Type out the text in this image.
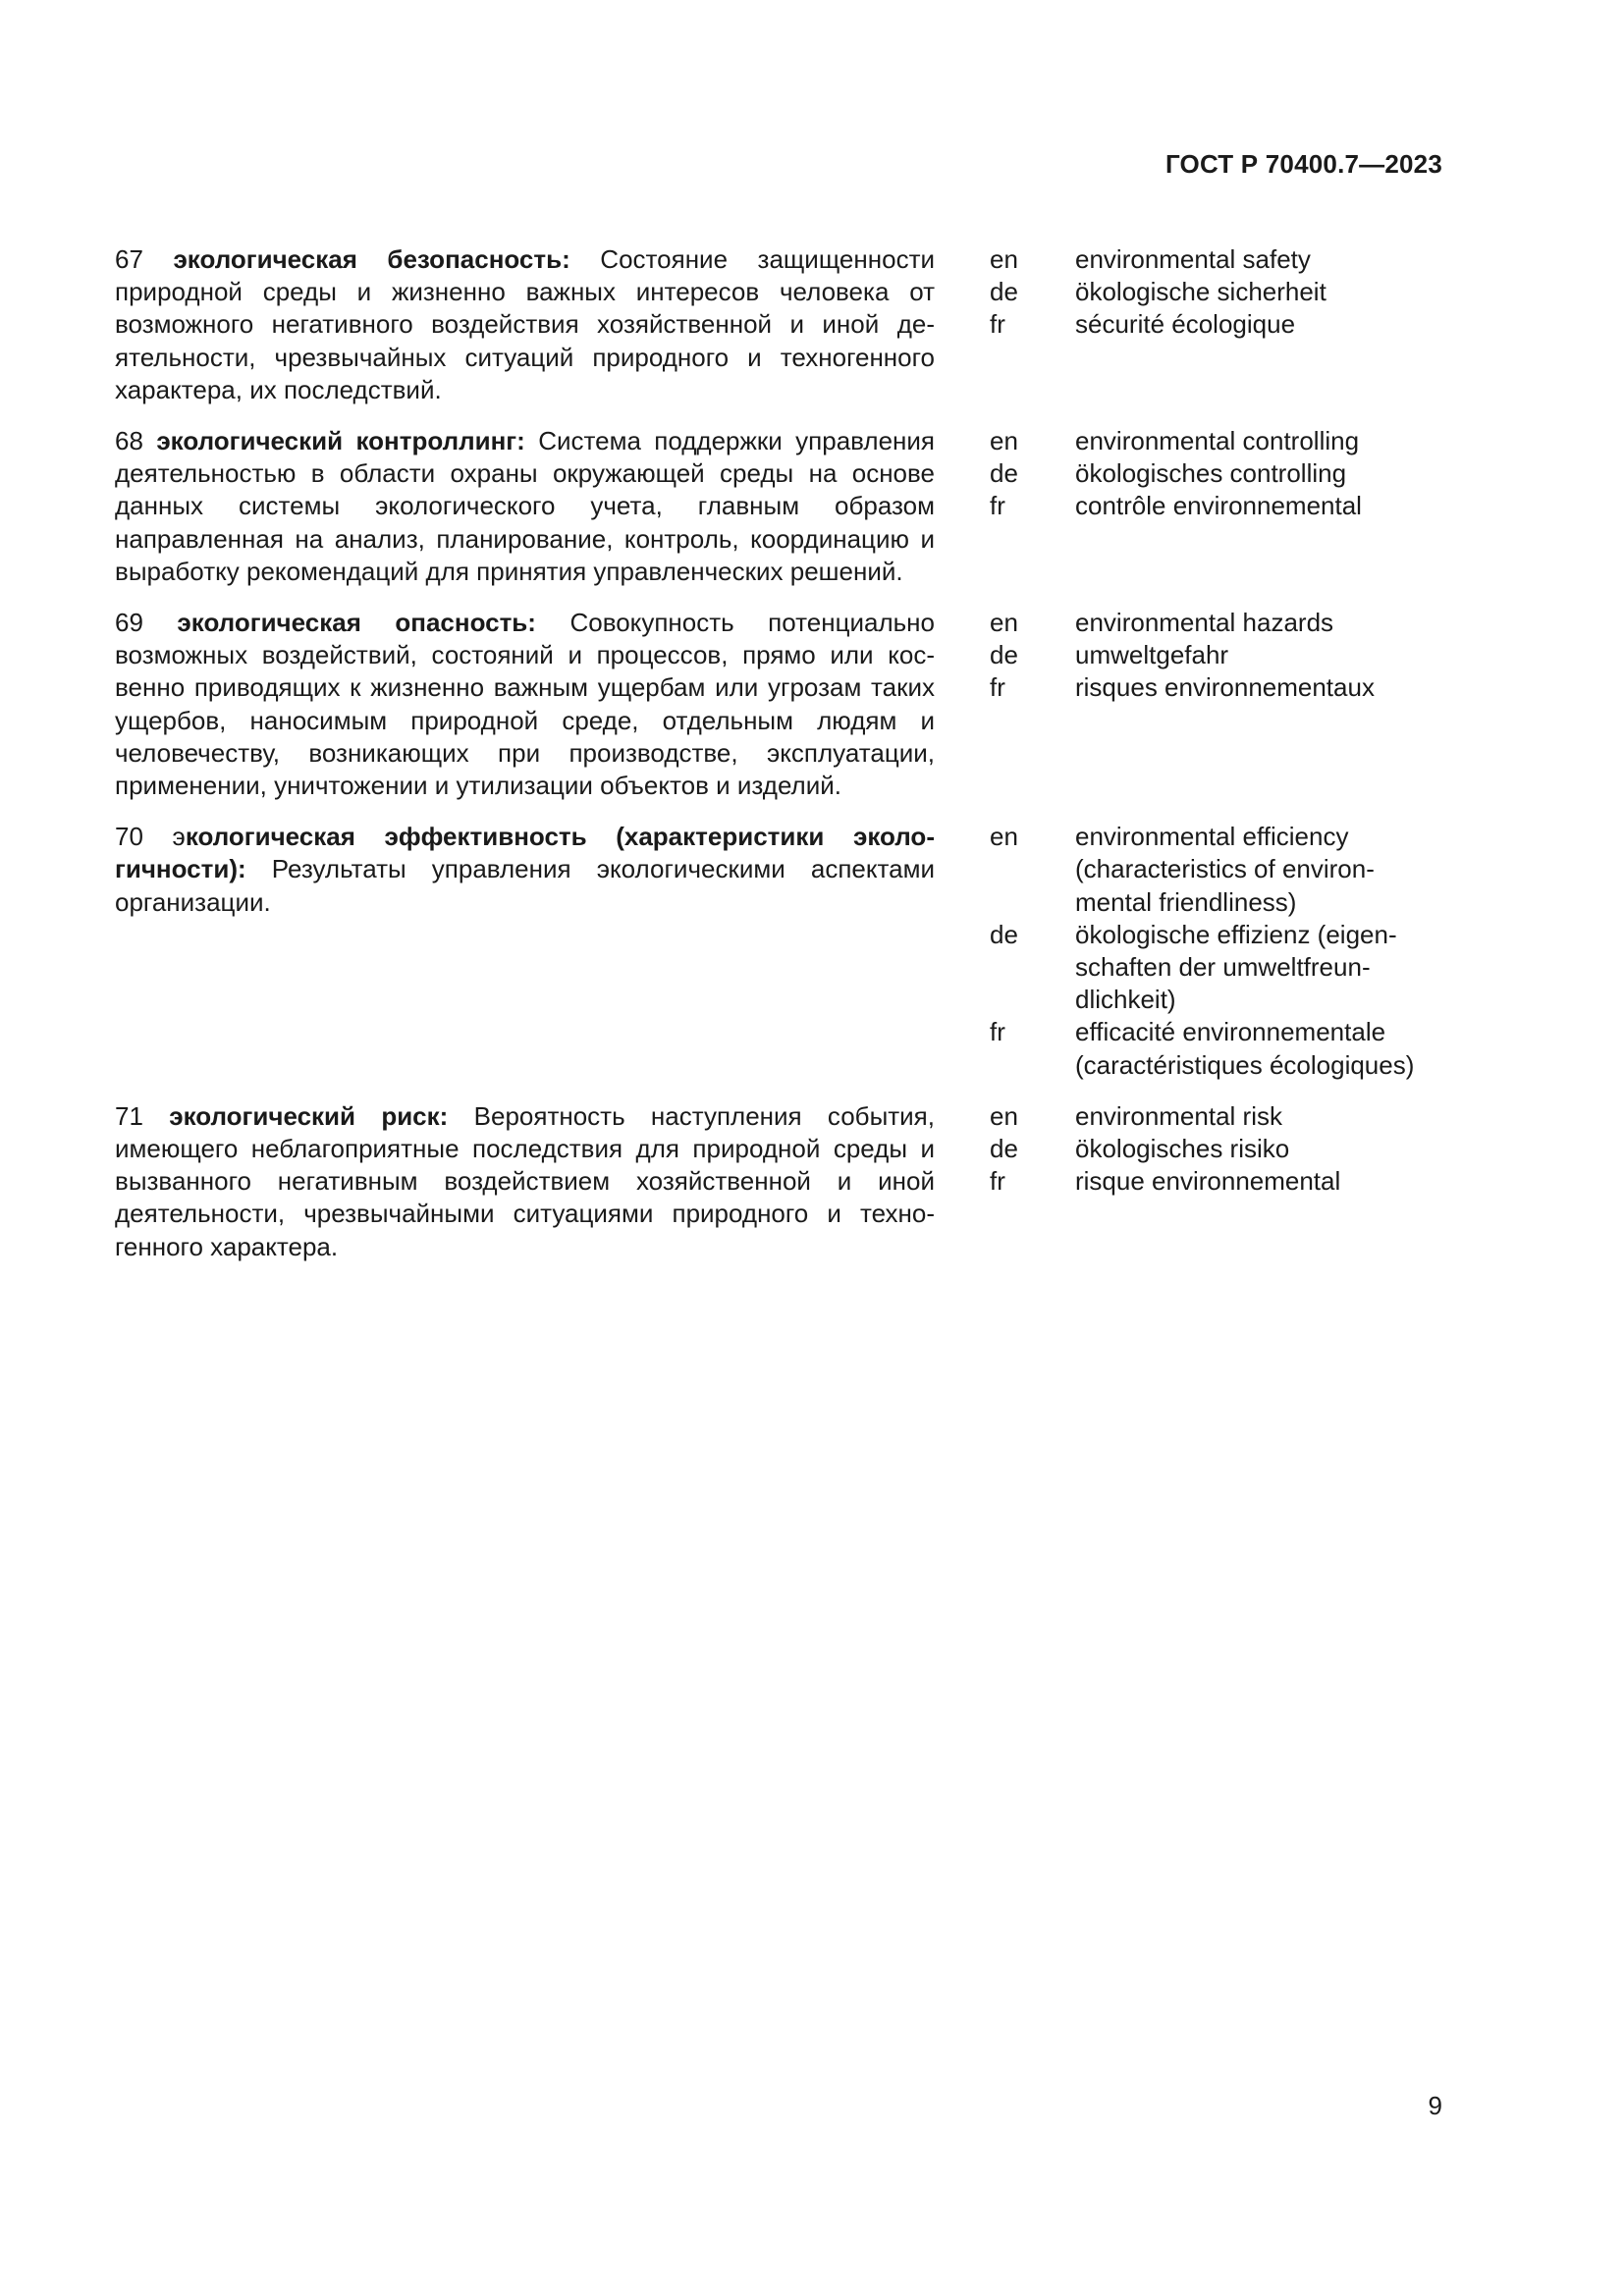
ГОСТ Р 70400.7—2023
67 экологическая безопасность: Состояние защищенности природной среды и жизненно важных интересов человека от возможного негативного воздействия хозяйственной и иной деятельности, чрезвычайных ситуаций природного и техногенного характера, их последствий.
en	environmental safety
de	ökologische sicherheit
fr	sécurité écologique
68 экологический контроллинг: Система поддержки управления деятельностью в области охраны окружающей среды на основе данных системы экологического учета, главным образом направленная на анализ, планирование, контроль, координацию и выработку рекомендаций для принятия управленческих решений.
en	environmental controlling
de	ökologisches controlling
fr	contrôle environnemental
69 экологическая опасность: Совокупность потенциально возможных воздействий, состояний и процессов, прямо или косвенно приводящих к жизненно важным ущербам или угрозам таких ущербов, наносимым природной среде, отдельным людям и человечеству, возникающих при производстве, эксплуатации, применении, уничтожении и утилизации объектов и изделий.
en	environmental hazards
de	umweltgefahr
fr	risques environnementaux
70 экологическая эффективность (характеристики экологичности): Результаты управления экологическими аспектами организации.
en	environmental efficiency (characteristics of environmental friendliness)
de	ökologische effizienz (eigenschaften der umweltfreundlichkeit)
fr	efficacité environnementale (caractéristiques écologiques)
71 экологический риск: Вероятность наступления события, имеющего неблагоприятные последствия для природной среды и вызванного негативным воздействием хозяйственной и иной деятельности, чрезвычайными ситуациями природного и техногенного характера.
en	environmental risk
de	ökologisches risiko
fr	risque environnemental
9
